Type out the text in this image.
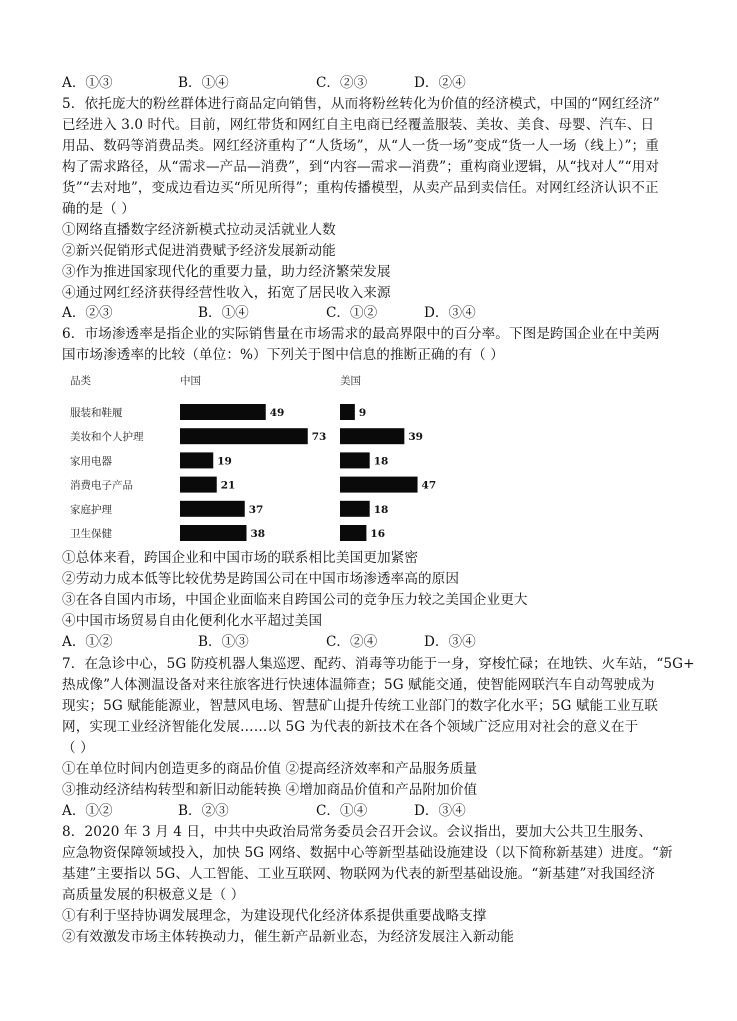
A．①③	B．①④	C．②③	D．②④
5．依托庞大的粉丝群体进行商品定向销售，从而将粉丝转化为价值的经济模式，中国的“网红经济”
已经进入 3.0 时代。目前，网红带货和网红自主电商已经覆盖服装、美妆、美食、母婴、汽车、日
用品、数码等消费品类。网红经济重构了“人货场”，从“人一货一场”变成“货一人一场（线上）”；重
构了需求路径，从“需求—产品—消费”，到“内容—需求—消费”；重构商业逻辑，从“找对人”“用对
货”“去对地”，变成边看边买“所见所得”；重构传播模型，从卖产品到卖信任。对网红经济认识不正
确的是（ ）
①网络直播数字经济新模式拉动灵活就业人数
②新兴促销形式促进消费赋予经济发展新动能
③作为推进国家现代化的重要力量，助力经济繁荣发展
④通过网红经济获得经营性收入，拓宽了居民收入来源
A．②③	B．①④	C．①②	D．③④
6．市场渗透率是指企业的实际销售量在市场需求的最高界限中的百分率。下图是跨国企业在中美两
国市场渗透率的比较（单位：%）下列关于图中信息的推断正确的有（ ）
品类	中国	美国
服装和鞋履	49	9
美妆和个人护理	73	39
家用电器	19	18
消费电子产品	21	47
家庭护理	37	18
卫生保健	38	16
①总体来看，跨国企业和中国市场的联系相比美国更加紧密
②劳动力成本低等比较优势是跨国公司在中国市场渗透率高的原因
③在各自国内市场，中国企业面临来自跨国公司的竞争压力较之美国企业更大
④中国市场贸易自由化便利化水平超过美国
A．①②	B．①③	C．②④	D．③④
7．在急诊中心，5G 防疫机器人集巡逻、配药、消毒等功能于一身，穿梭忙碌；在地铁、火车站，“5G+
热成像”人体测温设备对来往旅客进行快速体温筛查；5G 赋能交通，使智能网联汽车自动驾驶成为
现实；5G 赋能能源业，智慧风电场、智慧矿山提升传统工业部门的数字化水平；5G 赋能工业互联
网，实现工业经济智能化发展……以 5G 为代表的新技术在各个领域广泛应用对社会的意义在于
（ ）
①在单位时间内创造更多的商品价值 ②提高经济效率和产品服务质量
③推动经济结构转型和新旧动能转换 ④增加商品价值和产品附加价值
A．①②	B．②③	C．①④	D．③④
8．2020 年 3 月 4 日，中共中央政治局常务委员会召开会议。会议指出，要加大公共卫生服务、
应急物资保障领域投入，加快 5G 网络、数据中心等新型基础设施建设（以下简称新基建）进度。“新
基建”主要指以 5G、人工智能、工业互联网、物联网为代表的新型基础设施。“新基建”对我国经济
高质量发展的积极意义是（ ）
①有利于坚持协调发展理念，为建设现代化经济体系提供重要战略支撑
②有效激发市场主体转换动力，催生新产品新业态，为经济发展注入新动能
